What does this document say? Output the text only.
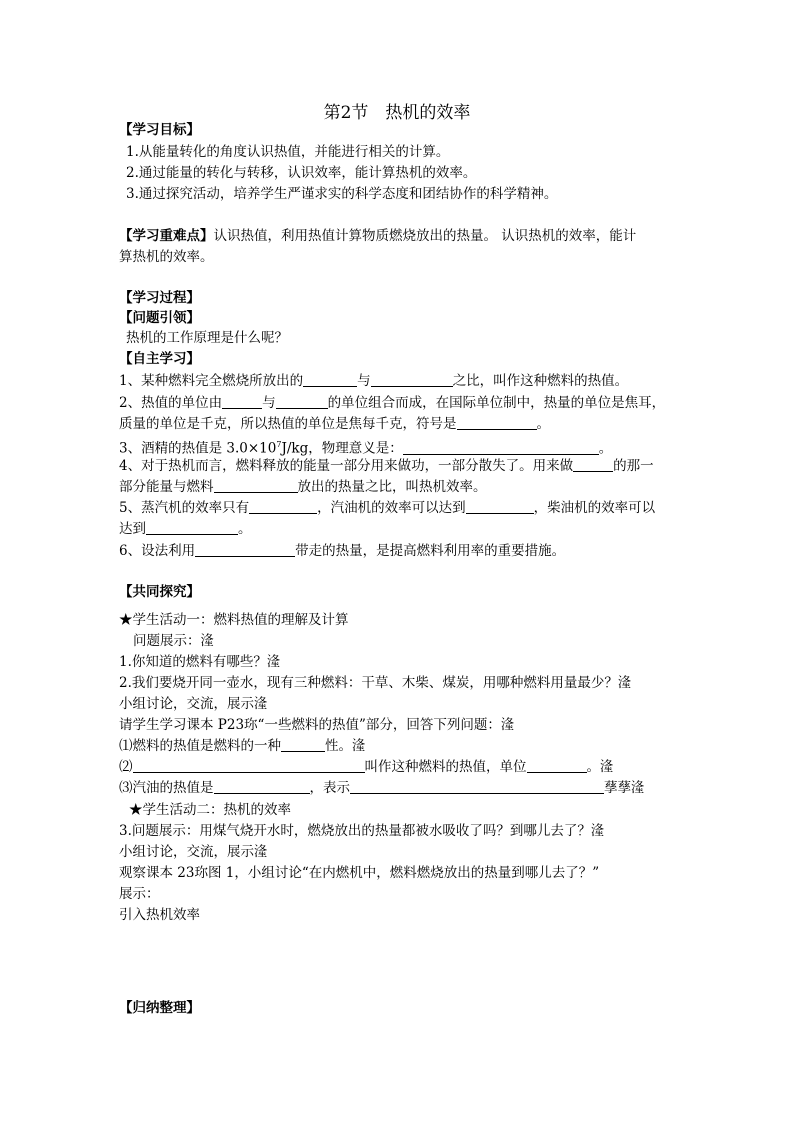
第2节　热机的效率
【学习目标】
1.从能量转化的角度认识热值，并能进行相关的计算。
2.通过能量的转化与转移，认识效率，能计算热机的效率。
3.通过探究活动，培养学生严谨求实的科学态度和团结协作的科学精神。
【学习重难点】认识热值，利用热值计算物质燃烧放出的热量。 认识热机的效率，能计
算热机的效率。
【学习过程】
【问题引领】
热机的工作原理是什么呢？
【自主学习】
1、某种燃料完全燃烧所放出的	与	之比，叫作这种燃料的热值。
2、热值的单位由	与	的单位组合而成，在国际单位制中，热量的单位是焦耳，
质量的单位是千克，所以热值的单位是焦每千克，符号是	。
3、酒精的热值是 $3.0\times 10^7J/kg$，物理意义是：	。
4、对于热机而言，燃料释放的能量一部分用来做功，一部分散失了。用来做	的那一
部分能量与燃料	放出的热量之比，叫热机效率。
5、蒸汽机的效率只有	，汽油机的效率可以达到	，柴油机的效率可以
达到	。
6、设法利用	带走的热量，是提高燃料利用率的重要措施。
【共同探究】
★学生活动一：燃料热值的理解及计算
问题展示：湰
1.你知道的燃料有哪些？湰
2.我们要烧开同一壶水，现有三种燃料：干草、木柴、煤炭，用哪种燃料用量最少？湰
小组讨论，交流，展示湰
请学生学习课本 P23珎“一些燃料的热值”部分，回答下列问题：湰
⑴燃料的热值是燃料的一种	性。湰
⑵	叫作这种燃料的热值，单位	。湰
⑶汽油的热值是	，表示	孶孶湰
★学生活动二：热机的效率
3.问题展示：用煤气烧开水时，燃烧放出的热量都被水吸收了吗？到哪儿去了？湰
小组讨论，交流，展示湰
观察课本 23珎图 1，小组讨论“在内燃机中，燃料燃烧放出的热量到哪儿去了？”
展示：
引入热机效率
【归纳整理】
